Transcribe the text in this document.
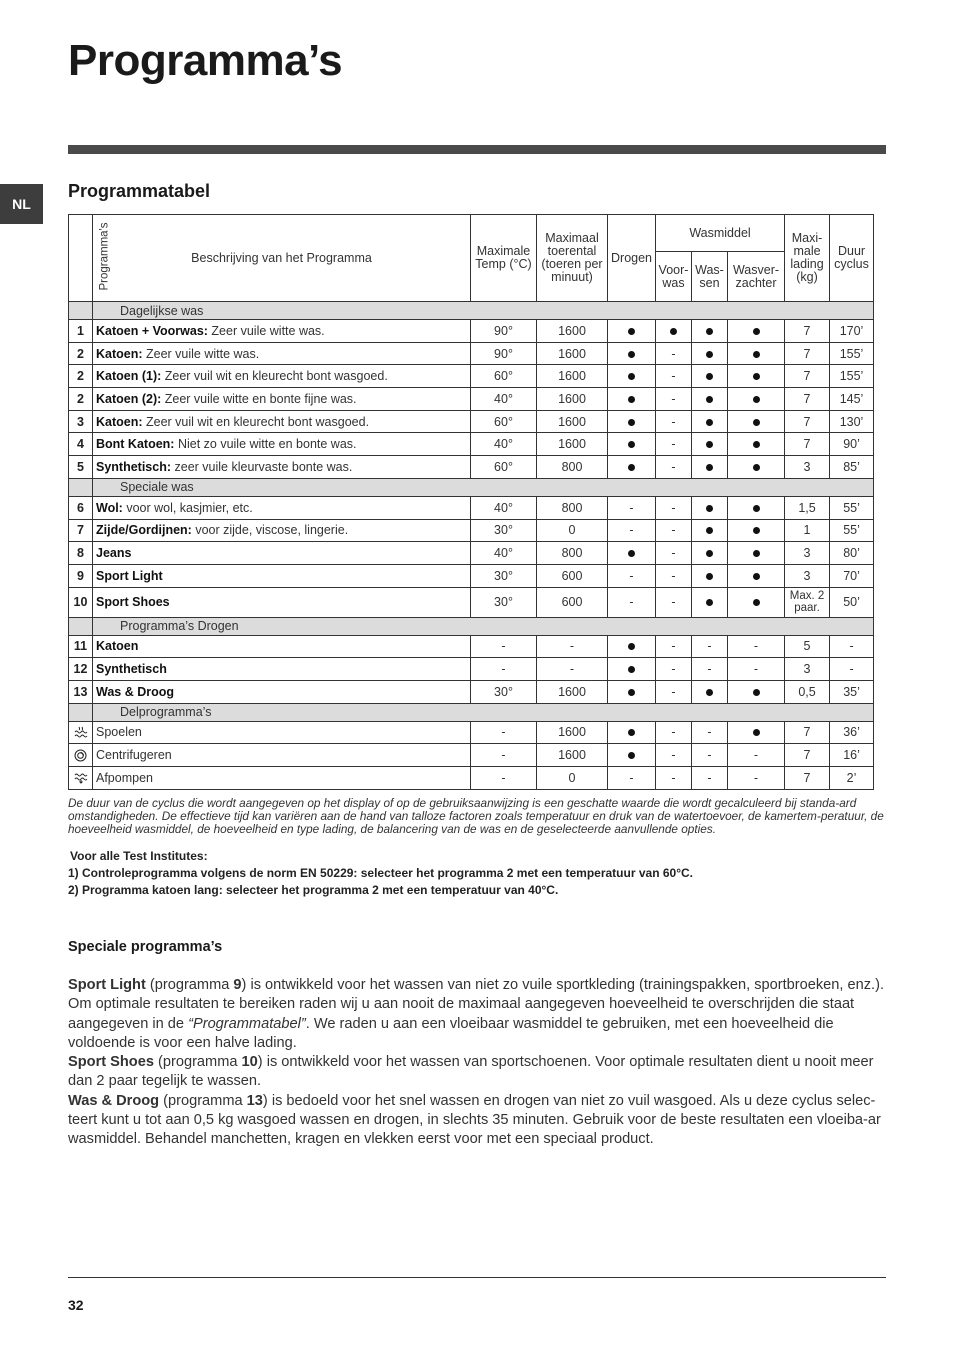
Programma’s
NL
Programmatabel
Programma's	Beschrijving van het Programma	Maximale Temp (°C)	Maximaal toerental (toeren per minuut)	Drogen	Wasmiddel			Maxi-male lading (kg)	Duur cyclus
					Voor-was	Was-sen	Wasver-zachter		
	Dagelijkse was								
1	Katoen + Voorwas: Zeer vuile witte was.	90°	1600					7	170’
2	Katoen: Zeer vuile witte was.	90°	1600		-			7	155’
2	Katoen (1): Zeer vuil wit en kleurecht bont wasgoed.	60°	1600		-			7	155’
2	Katoen (2): Zeer vuile witte en bonte fijne was.	40°	1600		-			7	145’
3	Katoen: Zeer vuil wit en kleurecht bont wasgoed.	60°	1600		-			7	130’
4	Bont Katoen: Niet zo vuile witte en bonte was.	40°	1600		-			7	90’
5	Synthetisch: zeer vuile kleurvaste bonte was.	60°	800		-			3	85’
	Speciale was								
6	Wol: voor wol, kasjmier, etc.	40°	800	-	-			1,5	55’
7	Zijde/Gordijnen: voor zijde, viscose, lingerie.	30°	0	-	-			1	55’
8	Jeans	40°	800		-			3	80’
9	Sport Light	30°	600	-	-			3	70’
10	Sport Shoes	30°	600	-	-			Max. 2 paar.	50’
	Programma’s Drogen								
11	Katoen	-	-		-	-	-	5	-
12	Synthetisch	-	-		-	-	-	3	-
13	Was & Droog	30°	1600		-			0,5	35’
	Delprogramma’s								

	Spoelen	-	1600		-	-		7	36’

	Centrifugeren	-	1600		-	-	-	7	16’

	Afpompen	-	0	-	-	-	-	7	2’

De duur van de cyclus die wordt aangegeven op het display of op de gebruiksaanwijzing is een geschatte waarde die wordt gecalculeerd bij standa-ard omstandigheden. De effectieve tijd kan variëren aan de hand van talloze factoren zoals temperatuur en druk van de watertoevoer, de kamertem-peratuur, de hoeveelheid wasmiddel, de hoeveelheid en type lading, de balancering van de was en de geselecteerde aanvullende opties.

Voor alle Test Institutes:
1) Controleprogramma volgens de norm EN 50229: selecteer het programma 2 met een temperatuur van 60°C.
2) Programma katoen lang: selecteer het programma 2 met een temperatuur van 40°C.
Speciale programma’s

Sport Light (programma 9) is ontwikkeld voor het wassen van niet zo vuile sportkleding (trainingspakken, sportbroeken, enz.). Om optimale resultaten te bereiken raden wij u aan nooit de maximaal aangegeven hoeveelheid te overschrijden die staat aangegeven in de “Programmatabel”. We raden u aan een vloeibaar wasmiddel te gebruiken, met een hoeveelheid die voldoende is voor een halve lading.

Sport Shoes (programma 10) is ontwikkeld voor het wassen van sportschoenen. Voor optimale resultaten dient u nooit meer dan 2 paar tegelijk te wassen.

Was & Droog (programma 13) is bedoeld voor het snel wassen en drogen van niet zo vuil wasgoed. Als u deze cyclus selec-teert kunt u tot aan 0,5 kg wasgoed wassen en drogen, in slechts 35 minuten. Gebruik voor de beste resultaten een vloeiba-ar wasmiddel. Behandel manchetten, kragen en vlekken eerst voor met een speciaal product.

32
